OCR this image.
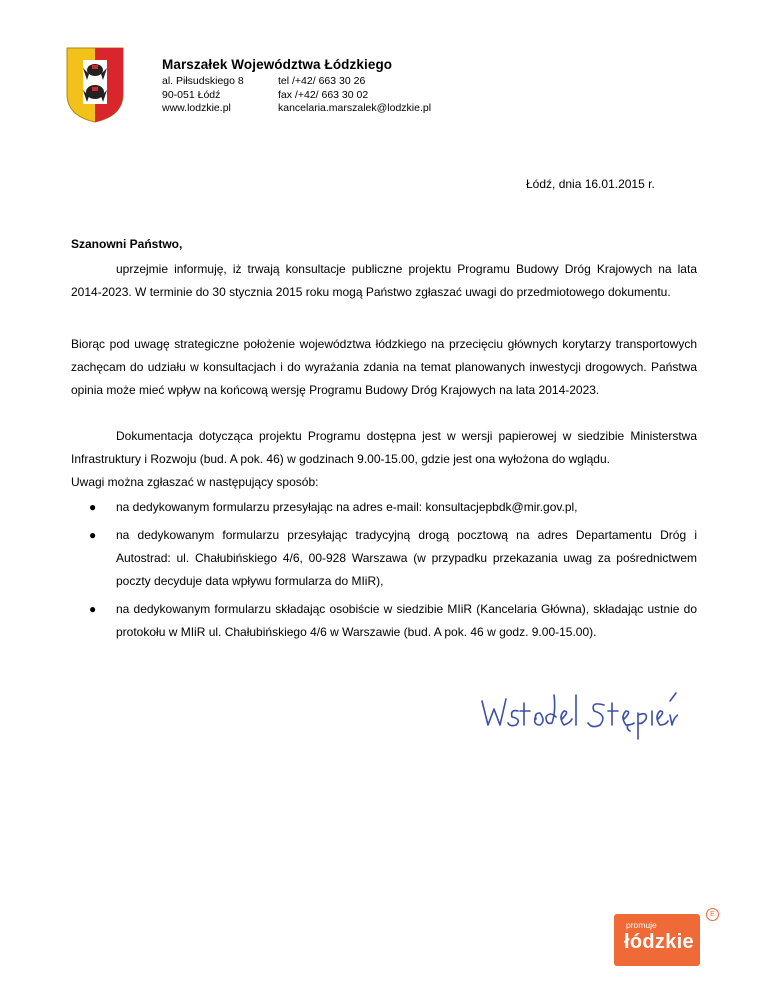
Marszałek Województwa Łódzkiego
al. Piłsudskiego 8
90-051 Łódź
www.lodzkie.pl
tel /+42/ 663 30 26
fax /+42/ 663 30 02
kancelaria.marszalek@lodzkie.pl
Łódź, dnia 16.01.2015 r.
Szanowni Państwo,

uprzejmie informuję, iż trwają konsultacje publiczne projektu Programu Budowy Dróg Krajowych na lata 2014-2023. W terminie do 30 stycznia 2015 roku mogą Państwo zgłaszać uwagi do przedmiotowego dokumentu.

Biorąc pod uwagę strategiczne położenie województwa łódzkiego na przecięciu głównych korytarzy transportowych zachęcam do udziału w konsultacjach i do wyrażania zdania na temat planowanych inwestycji drogowych. Państwa opinia może mieć wpływ na końcową wersję Programu Budowy Dróg Krajowych na lata 2014-2023.

Dokumentacja dotycząca projektu Programu dostępna jest w wersji papierowej w siedzibie Ministerstwa Infrastruktury i Rozwoju (bud. A pok. 46) w godzinach 9.00-15.00, gdzie jest ona wyłożona do wglądu.

Uwagi można zgłaszać w następujący sposób:

● na dedykowanym formularzu przesyłając na adres e-mail: konsultacjepbdk@mir.gov.pl,
● na dedykowanym formularzu przesyłając tradycyjną drogą pocztową na adres Departamentu Dróg i Autostrad: ul. Chałubińskiego 4/6, 00-928 Warszawa (w przypadku przekazania uwag za pośrednictwem poczty decyduje data wpływu formularza do MIiR),
● na dedykowanym formularzu składając osobiście w siedzibie MIiR (Kancelaria Główna), składając ustnie do protokołu w MIiR ul. Chałubińskiego 4/6 w Warszawie (bud. A pok. 46 w godz. 9.00-15.00).
promuje
łódzkie
E
